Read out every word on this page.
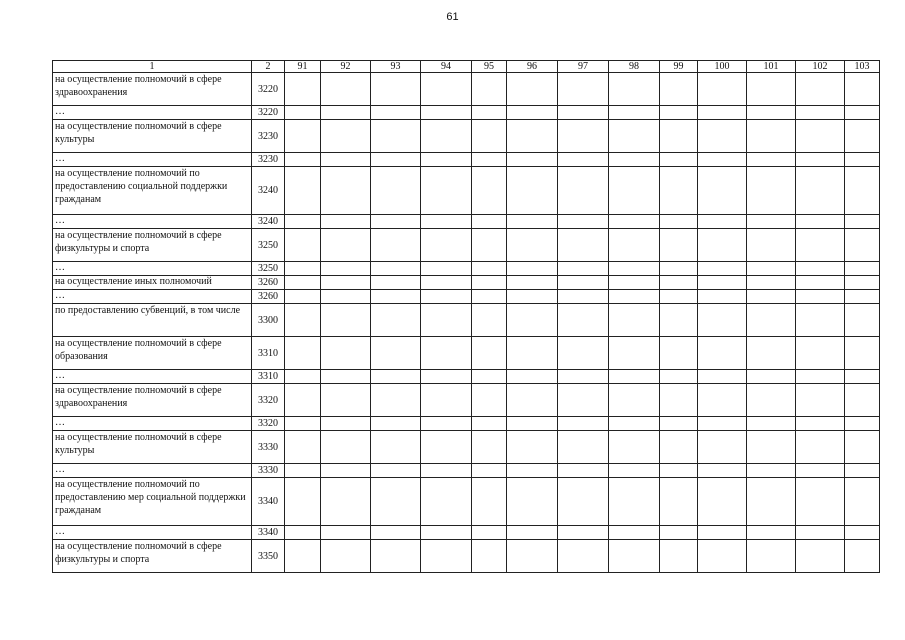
61
1	2	91	92	93	94	95	96	97	98	99	100	101	102	103
на осуществление полномочий в сфере здравоохранения	3220													
…	3220													
на осуществление полномочий в сфере культуры	3230													
…	3230													
на осуществление полномочий по предоставлению социальной поддержки гражданам	3240													
…	3240													
на осуществление полномочий в сфере физкультуры и спорта	3250													
…	3250													
на осуществление иных полномочий	3260													
…	3260													
по предоставлению субвенций, в том числе	3300													
на осуществление полномочий в сфере образования	3310													
…	3310													
на осуществление полномочий в сфере здравоохранения	3320													
…	3320													
на осуществление полномочий в сфере культуры	3330													
…	3330													
на осуществление полномочий по предоставлению мер социальной поддержки гражданам	3340													
…	3340													
на осуществление полномочий в сфере физкультуры и спорта	3350													
